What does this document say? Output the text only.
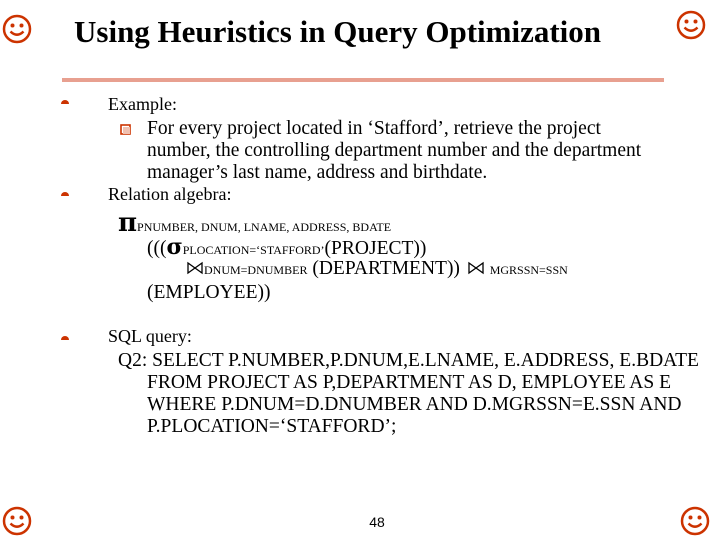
Using Heuristics in Query Optimization
Example:
For every project located in ‘Stafford’, retrieve the project number, the controlling department number and the department manager’s last name, address and birthdate.
Relation algebra:
πPNUMBER, DNUM, LNAME, ADDRESS, BDATE
(((σPLOCATION=‘STAFFORD’(PROJECT))
DNUM=DNUMBER (DEPARTMENT)) MGRSSN=SSN
(EMPLOYEE))
SQL query:
Q2: SELECT P.NUMBER,P.DNUM,E.LNAME, E.ADDRESS, E.BDATE FROM PROJECT AS P,DEPARTMENT AS D, EMPLOYEE AS E WHERE P.DNUM=D.DNUMBER AND D.MGRSSN=E.SSN AND P.PLOCATION=‘STAFFORD’;
48
